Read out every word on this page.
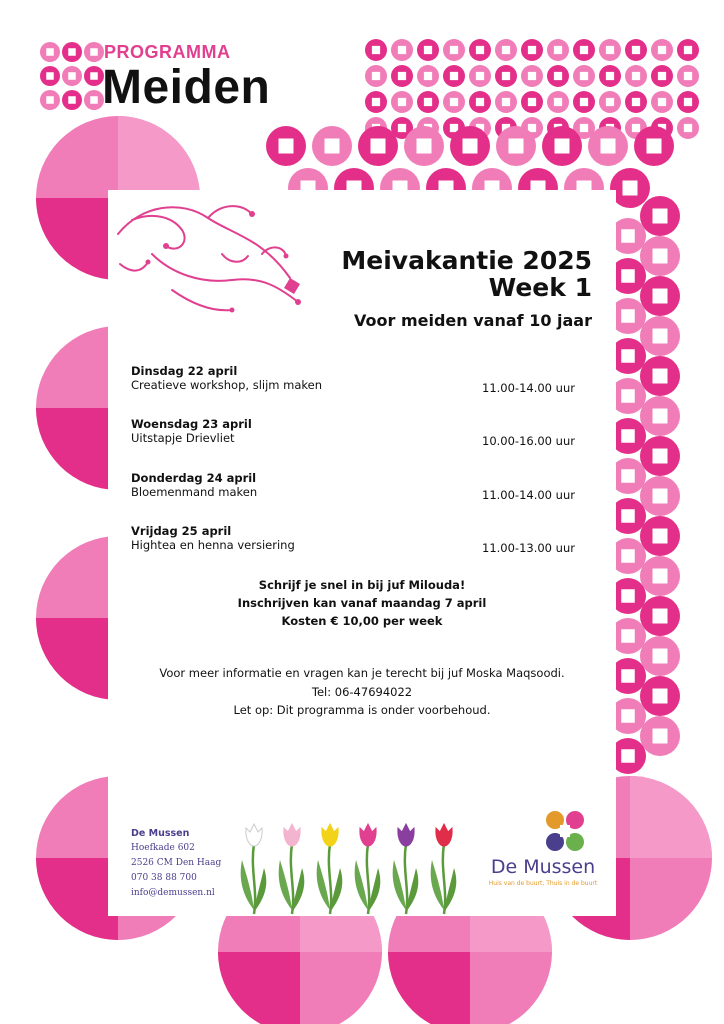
PROGRAMMA
Meiden
Meivakantie 2025
Week 1
Voor meiden vanaf 10 jaar
Dinsdag 22 april
Creatieve workshop, slijm maken	11.00-14.00 uur
Woensdag 23 april
Uitstapje Drievliet	10.00-16.00 uur
Donderdag 24 april
Bloemenmand maken	11.00-14.00 uur
Vrijdag 25 april
Hightea en henna versiering	11.00-13.00 uur
Schrijf je snel in bij juf Milouda!
Inschrijven kan vanaf maandag 7 april
Kosten € 10,00 per week
Voor meer informatie en vragen kan je terecht bij juf Moska Maqsoodi.
Tel: 06-47694022
Let op: Dit programma is onder voorbehoud.
De Mussen
Hoefkade 602
2526 CM Den Haag
070 38 88 700
info@demussen.nl
De Mussen
Huis van de buurt, Thuis in de buurt
